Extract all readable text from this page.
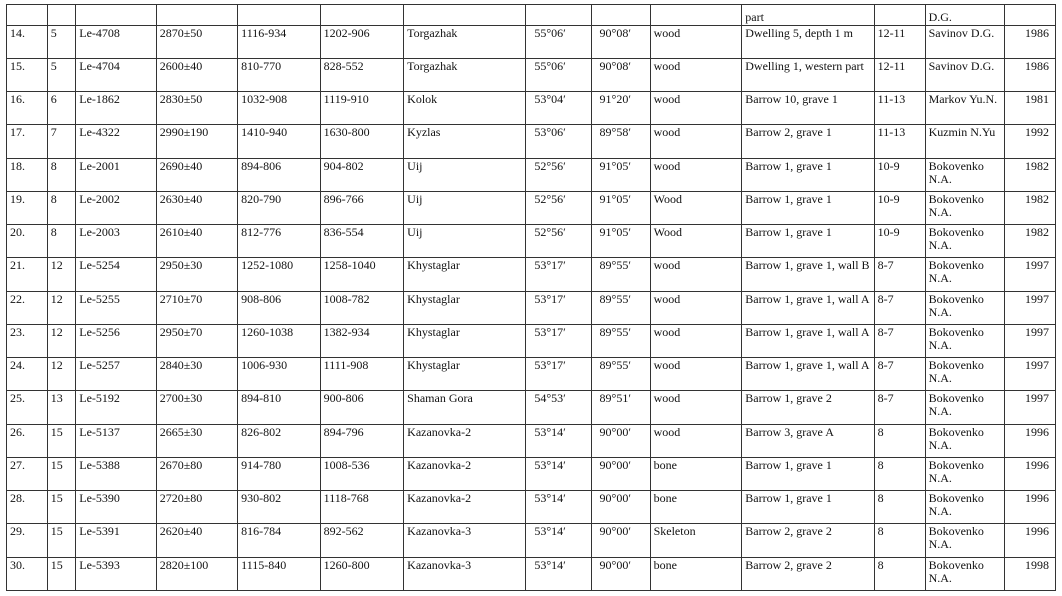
										part		D.G.	
14.	5	Le-4708	2870±50	1116-934	1202-906	Torgazhak	55°06′	90°08′	wood	Dwelling 5, depth 1 m	12-11	Savinov D.G.	1986
15.	5	Le-4704	2600±40	810-770	828-552	Torgazhak	55°06′	90°08′	wood	Dwelling 1, western part	12-11	Savinov D.G.	1986
16.	6	Le-1862	2830±50	1032-908	1119-910	Kolok	53°04′	91°20′	wood	Barrow 10, grave 1	11-13	Markov Yu.N.	1981
17.	7	Le-4322	2990±190	1410-940	1630-800	Kyzlas	53°06′	89°58′	wood	Barrow 2, grave 1	11-13	Kuzmin N.Yu	1992
18.	8	Le-2001	2690±40	894-806	904-802	Uij	52°56′	91°05′	wood	Barrow 1, grave 1	10-9	Bokovenko N.A.	1982
19.	8	Le-2002	2630±40	820-790	896-766	Uij	52°56′	91°05′	Wood	Barrow 1, grave 1	10-9	Bokovenko N.A.	1982
20.	8	Le-2003	2610±40	812-776	836-554	Uij	52°56′	91°05′	Wood	Barrow 1, grave 1	10-9	Bokovenko N.A.	1982
21.	12	Le-5254	2950±30	1252-1080	1258-1040	Khystaglar	53°17′	89°55′	wood	Barrow 1, grave 1, wall B	8-7	Bokovenko N.A.	1997
22.	12	Le-5255	2710±70	908-806	1008-782	Khystaglar	53°17′	89°55′	wood	Barrow 1, grave 1, wall A	8-7	Bokovenko N.A.	1997
23.	12	Le-5256	2950±70	1260-1038	1382-934	Khystaglar	53°17′	89°55′	wood	Barrow 1, grave 1, wall A	8-7	Bokovenko N.A.	1997
24.	12	Le-5257	2840±30	1006-930	1111-908	Khystaglar	53°17′	89°55′	wood	Barrow 1, grave 1, wall A	8-7	Bokovenko N.A.	1997
25.	13	Le-5192	2700±30	894-810	900-806	Shaman Gora	54°53′	89°51′	wood	Barrow 1, grave 2	8-7	Bokovenko N.A.	1997
26.	15	Le-5137	2665±30	826-802	894-796	Kazanovka-2	53°14′	90°00′	wood	Barrow 3, grave A	8	Bokovenko N.A.	1996
27.	15	Le-5388	2670±80	914-780	1008-536	Kazanovka-2	53°14′	90°00′	bone	Barrow 1, grave 1	8	Bokovenko N.A.	1996
28.	15	Le-5390	2720±80	930-802	1118-768	Kazanovka-2	53°14′	90°00′	bone	Barrow 1, grave 1	8	Bokovenko N.A.	1996
29.	15	Le-5391	2620±40	816-784	892-562	Kazanovka-3	53°14′	90°00′	Skeleton	Barrow 2, grave 2	8	Bokovenko N.A.	1996
30.	15	Le-5393	2820±100	1115-840	1260-800	Kazanovka-3	53°14′	90°00′	bone	Barrow 2, grave 2	8	Bokovenko N.A.	1998
